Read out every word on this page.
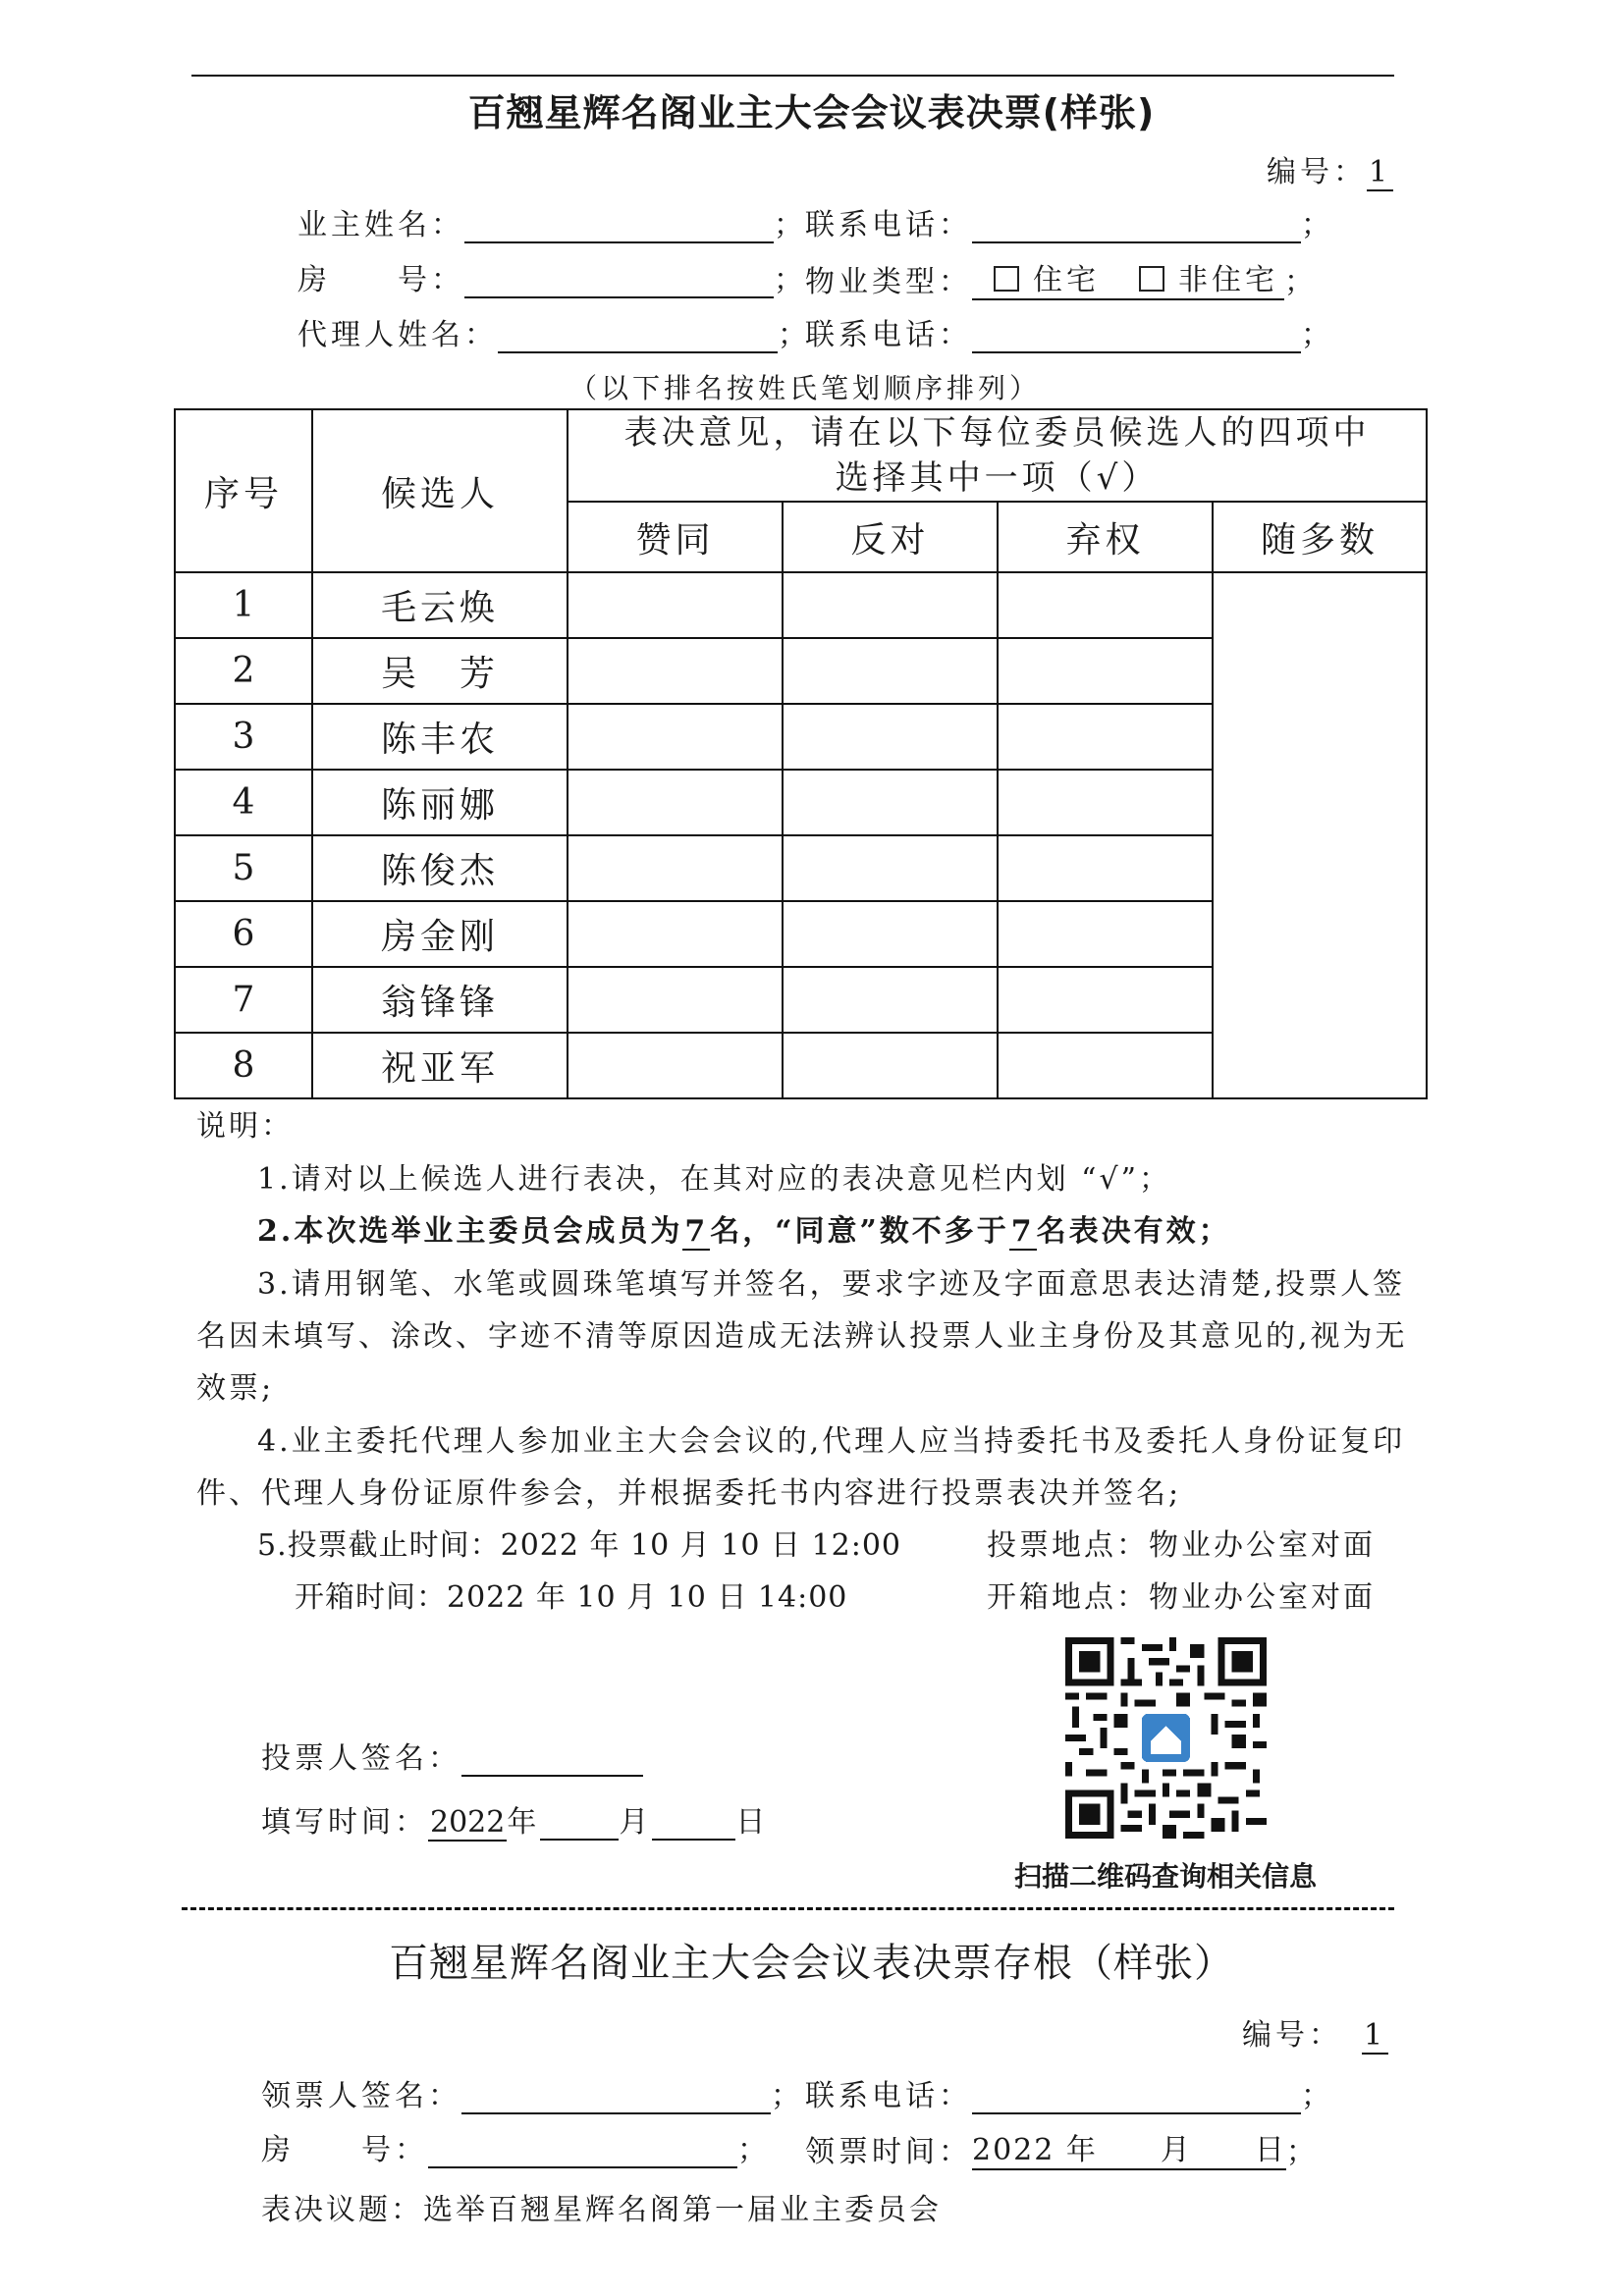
百翘星辉名阁业主大会会议表决票(样张)
编号：1
业主姓名：	；
联系电话：	；
房　　号：	；
物业类型： 住宅	非住宅 ；
代理人姓名：	；
联系电话：	；
（以下排名按姓氏笔划顺序排列）
序号	候选人	表决意见，请在以下每位委员候选人的四项中
选择其中一项（√）			

		赞同	反对	弃权	随多数
1	毛云焕				
2	吴　芳				
3	陈丰农				
4	陈丽娜				
5	陈俊杰				
6	房金刚				
7	翁锋锋				
8	祝亚军				
说明：
1.请对以上候选人进行表决，在其对应的表决意见栏内划 “√”；
2.本次选举业主委员会成员为7名，“同意”数不多于7名表决有效；
3.请用钢笔、水笔或圆珠笔填写并签名，要求字迹及字面意思表达清楚,投票人签
名因未填写、涂改、字迹不清等原因造成无法辨认投票人业主身份及其意见的,视为无
效票;
4.业主委托代理人参加业主大会会议的,代理人应当持委托书及委托人身份证复印
件、代理人身份证原件参会，并根据委托书内容进行投票表决并签名;
5.投票截止时间：2022 年 10 月 10 日 12:00	投票地点：物业办公室对面
开箱时间：2022 年 10 月 10 日 14:00	开箱地点：物业办公室对面
投票人签名：
填写时间：2022年	月	日
扫描二维码查询相关信息
百翘星辉名阁业主大会会议表决票存根（样张）
编号： 1
领票人签名：	； 联系电话：	；
房　　号：	； 领票时间：2022 年　　月　　日；
表决议题：选举百翘星辉名阁第一届业主委员会
